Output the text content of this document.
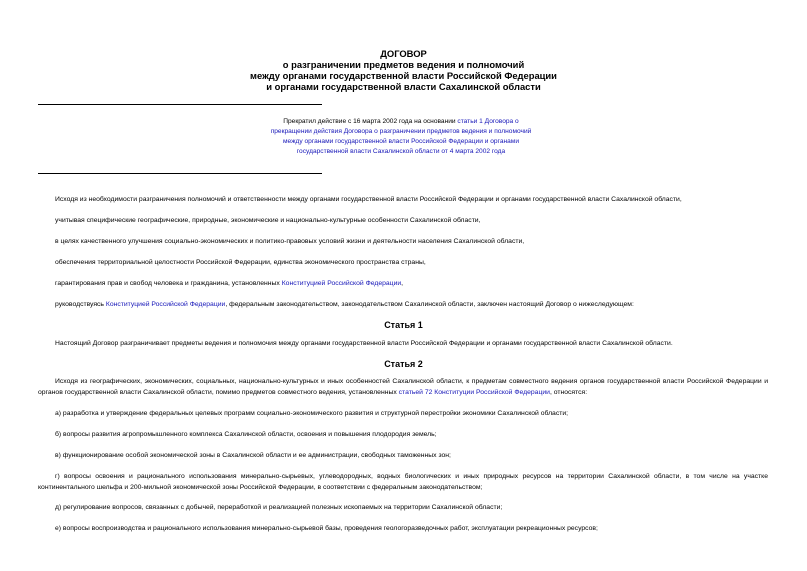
ДОГОВОР
о разграничении предметов ведения и полномочий
между органами государственной власти Российской Федерации
и органами государственной власти Сахалинской области
Прекратил действие с 16 марта 2002 года на основании статьи 1 Договора о прекращении действия Договора о разграничении предметов ведения и полномочий между органами государственной власти Российской Федерации и органами государственной власти Сахалинской области от 4 марта 2002 года
Исходя из необходимости разграничения полномочий и ответственности между органами государственной власти Российской Федерации и органами государственной власти Сахалинской области,
учитывая специфические географические, природные, экономические и национально-культурные особенности Сахалинской области,
в целях качественного улучшения социально-экономических и политико-правовых условий жизни и деятельности населения Сахалинской области,
обеспечения территориальной целостности Российской Федерации, единства экономического пространства страны,
гарантирования прав и свобод человека и гражданина, установленных Конституцией Российской Федерации,
руководствуясь Конституцией Российской Федерации, федеральным законодательством, законодательством Сахалинской области, заключен настоящий Договор о нижеследующем:
Статья 1
Настоящий Договор разграничивает предметы ведения и полномочия между органами государственной власти Российской Федерации и органами государственной власти Сахалинской области.
Статья 2
Исходя из географических, экономических, социальных, национально-культурных и иных особенностей Сахалинской области, к предметам совместного ведения органов государственной власти Российской Федерации и органов государственной власти Сахалинской области, помимо предметов совместного ведения, установленных статьей 72 Конституции Российской Федерации, относятся:
а) разработка и утверждение федеральных целевых программ социально-экономического развития и структурной перестройки экономики Сахалинской области;
б) вопросы развития агропромышленного комплекса Сахалинской области, освоения и повышения плодородия земель;
в) функционирование особой экономической зоны в Сахалинской области и ее администрации, свободных таможенных зон;
г) вопросы освоения и рационального использования минерально-сырьевых, углеводородных, водных биологических и иных природных ресурсов на территории Сахалинской области, в том числе на участке континентального шельфа и 200-мильной экономической зоны Российской Федерации, в соответствии с федеральным законодательством;
д) регулирование вопросов, связанных с добычей, переработкой и реализацией полезных ископаемых на территории Сахалинской области;
е) вопросы воспроизводства и рационального использования минерально-сырьевой базы, проведения геологоразведочных работ, эксплуатации рекреационных ресурсов;
